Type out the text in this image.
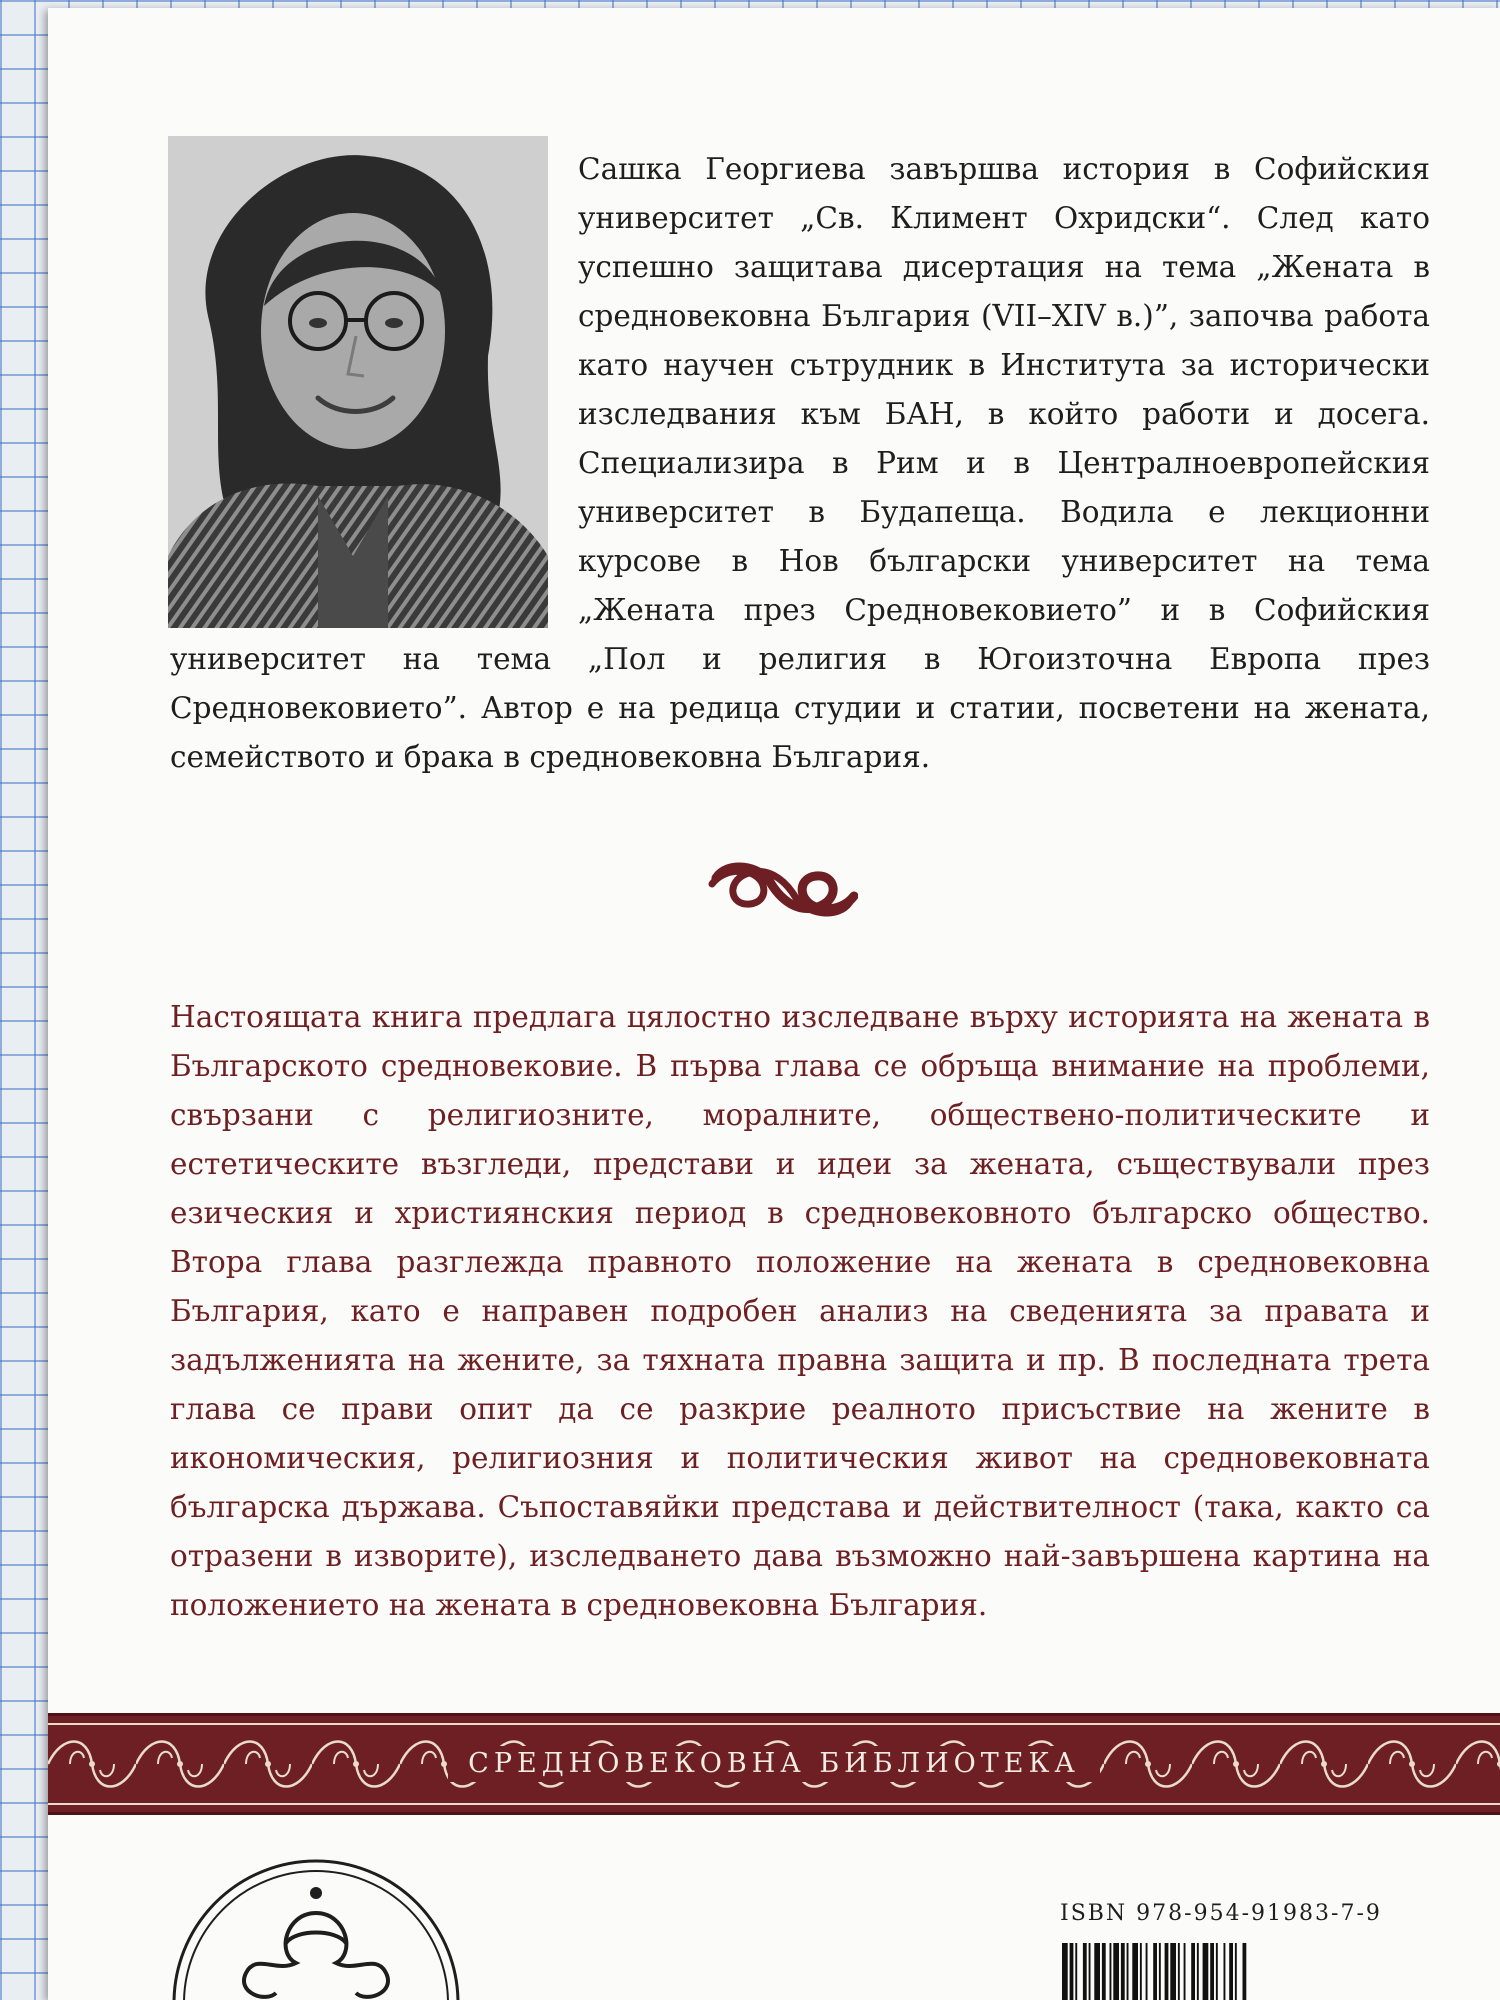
Сашка Георгиева завършва история в Софийския университет „Св. Климент Охридски“. След като успешно защитава дисертация на тема „Жената в средновековна България (VII–XIV в.)”, започва работа като научен сътрудник в Института за исторически изследвания към БАН, в който работи и досега. Специализира в Рим и в Централноевропейския университет в Будапеща. Водила е лекционни курсове в Нов български университет на тема „Жената през Средновековието” и в Софийския университет на тема „Пол и религия в Югоизточна Европа през Средновековието”. Автор е на редица студии и статии, посветени на жената, семейството и брака в средновековна България.

Настоящата книга предлага цялостно изследване върху историята на жената в Българското средновековие. В първа глава се обръща внимание на проблеми, свързани с религиозните, моралните, обществено-политическите и естетическите възгледи, представи и идеи за жената, съществували през езическия и християнския период в средновековното българско общество. Втора глава разглежда правното положение на жената в средновековна България, като е направен подробен анализ на сведенията за правата и задълженията на жените, за тяхната правна защита и пр. В последната трета глава се прави опит да се разкрие реалното присъствие на жените в икономическия, религиозния и политическия живот на средновековната българска държава. Съпоставяйки представа и действителност (така, както са отразени в изворите), изследването дава възможно най-завършена картина на положението на жената в средновековна България.

СРЕДНОВЕКОВНА БИБЛИОТЕКА
ISBN 978-954-91983-7-9
